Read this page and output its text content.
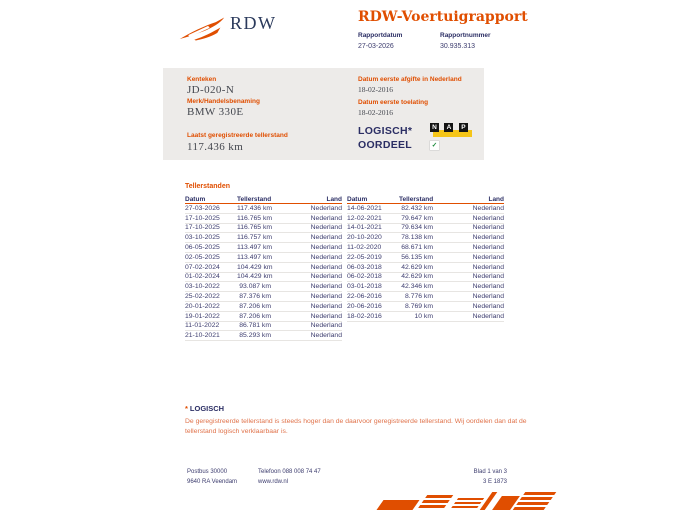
RDW	RDW-Voertuigrapport
Rapportdatum
27-03-2026
Rapportnummer
30.935.313
Kenteken
JD-020-N
Merk/Handelsbenaming
BMW 330E
Laatst geregistreerde tellerstand
117.436 km
Datum eerste afgifte in Nederland
18-02-2016
Datum eerste toelating
18-02-2016
LOGISCH*
OORDEEL
N A P ✓
Tellerstanden
Datum	Tellerstand	Land
27-03-2026	117.436 km	Nederland
17-10-2025	116.765 km	Nederland
17-10-2025	116.765 km	Nederland
03-10-2025	116.757 km	Nederland
06-05-2025	113.497 km	Nederland
02-05-2025	113.497 km	Nederland
07-02-2024	104.429 km	Nederland
01-02-2024	104.429 km	Nederland
03-10-2022	93.087 km	Nederland
25-02-2022	87.376 km	Nederland
20-01-2022	87.206 km	Nederland
19-01-2022	87.206 km	Nederland
11-01-2022	86.781 km	Nederland
21-10-2021	85.293 km	Nederland
Datum	Tellerstand	Land
14-06-2021	82.432 km	Nederland
12-02-2021	79.647 km	Nederland
14-01-2021	79.634 km	Nederland
20-10-2020	78.138 km	Nederland
11-02-2020	68.671 km	Nederland
22-05-2019	56.135 km	Nederland
06-03-2018	42.629 km	Nederland
06-02-2018	42.629 km	Nederland
03-01-2018	42.346 km	Nederland
22-06-2016	8.776 km	Nederland
20-06-2016	8.769 km	Nederland
18-02-2016	10 km	Nederland
* LOGISCH
De geregistreerde tellerstand is steeds hoger dan de daarvoor geregistreerde tellerstand. Wij oordelen dan dat de tellerstand logisch verklaarbaar is.
Postbus 30000
9640 RA Veendam
Telefoon 088 008 74 47
www.rdw.nl
Blad 1 van 3
3 E 1873
